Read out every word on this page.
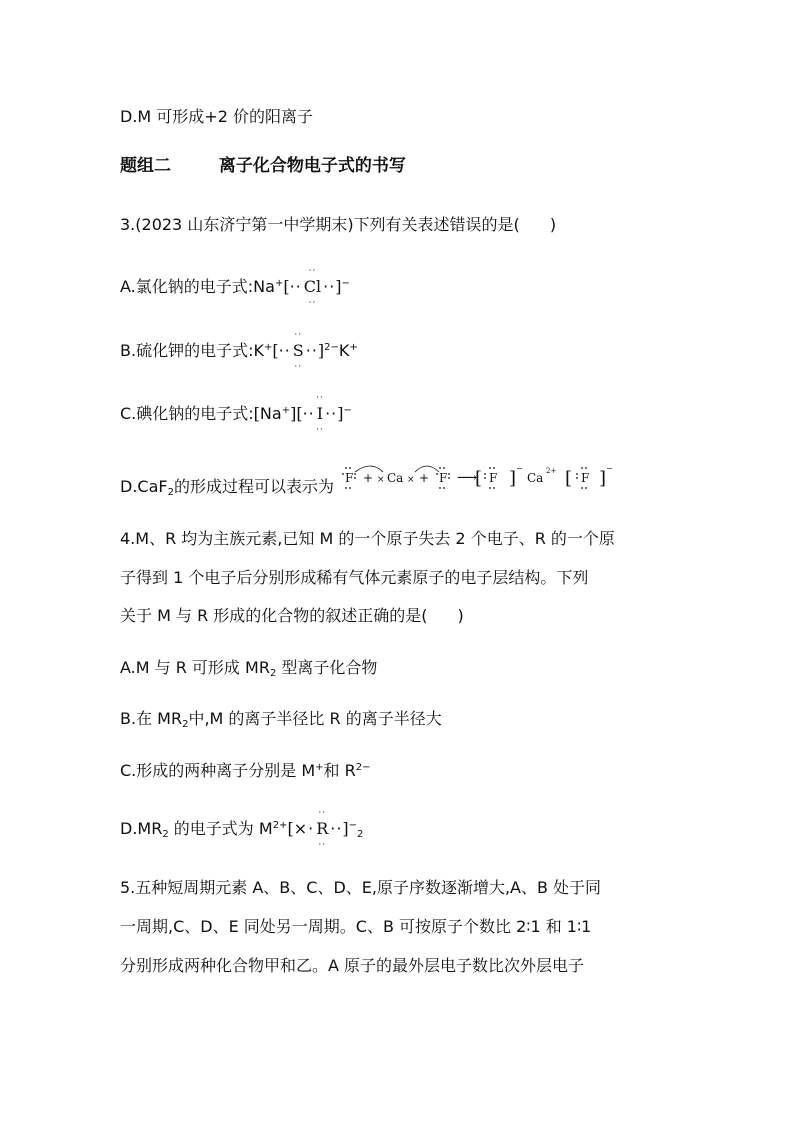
D.M 可形成+2 价的阳离子
题组二	离子化合物电子式的书写
3.(2023 山东济宁第一中学期末)下列有关表述错误的是( )
A.氯化钠的电子式:Na+[··
··
Cl
··
··]−
B.硫化钾的电子式:K+[··
··
S
··
··]$^{2-}$K+
C.碘化钠的电子式:[Na+][··
··
I
··
··]−
D.CaF$_2$的形成过程可以表示为 F + × Ca × + F ⟶
[ F ] −
Ca 2+ [ F ] −
4.M、R 均为主族元素,已知 M 的一个原子失去 2 个电子、R 的一个原
子得到 1 个电子后分别形成稀有气体元素原子的电子层结构。下列
关于 M 与 R 形成的化合物的叙述正确的是( )
A.M 与 R 可形成 $MR_2$ 型离子化合物
B.在 $MR_2$中,M 的离子半径比 R 的离子半径大
C.形成的两种离子分别是 M+和 $R^{2-}$
$D.MR_2$ 的电子式为 $M^{2+}[\times\cdot$
··
R
··
$\cdot\cdot]^-_2$
5.五种短周期元素 A、B、C、D、E,原子序数逐渐增大,A、B 处于同
一周期,C、D、E 同处另一周期。C、B 可按原子个数比 2∶1 和 1∶1
分别形成两种化合物甲和乙。A 原子的最外层电子数比次外层电子
